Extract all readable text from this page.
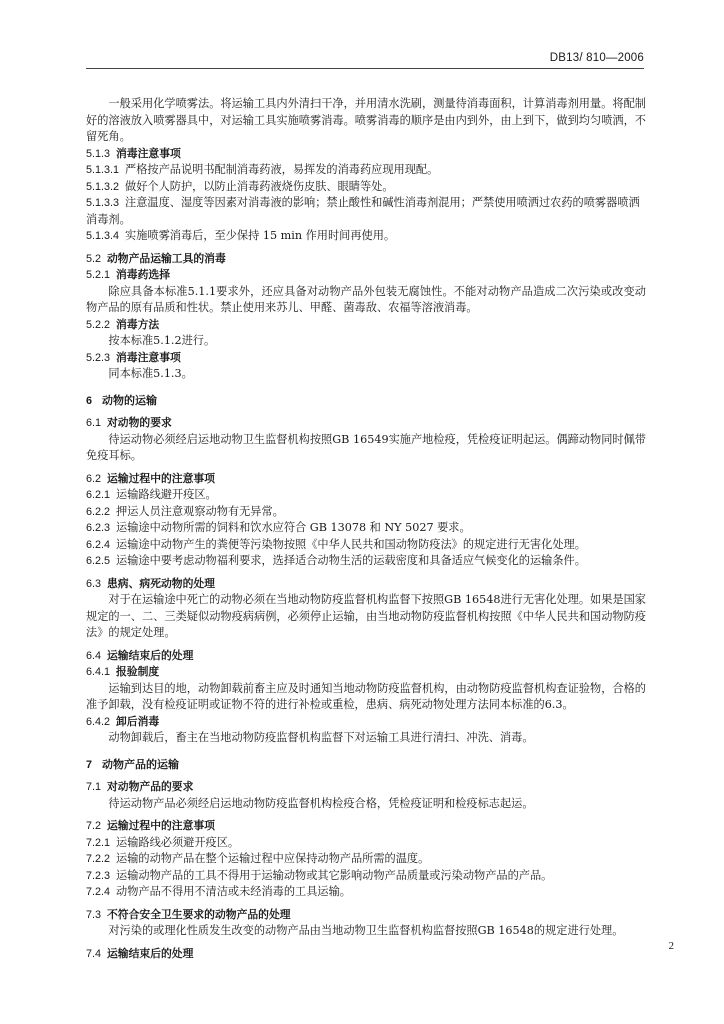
DB13/ 810—2006

一般采用化学喷雾法。将运输工具内外清扫干净，并用清水洗刷，测量待消毒面积，计算消毒剂用量。将配制好的溶液放入喷雾器具中，对运输工具实施喷雾消毒。喷雾消毒的顺序是由内到外，由上到下，做到均匀喷洒，不留死角。

5.1.3 消毒注意事项

5.1.3.1 严格按产品说明书配制消毒药液，易挥发的消毒药应现用现配。

5.1.3.2 做好个人防护，以防止消毒药液烧伤皮肤、眼睛等处。

5.1.3.3 注意温度、湿度等因素对消毒液的影响；禁止酸性和碱性消毒剂混用；严禁使用喷洒过农药的喷雾器喷洒消毒剂。

5.1.3.4 实施喷雾消毒后，至少保持 15 min 作用时间再使用。

5.2 动物产品运输工具的消毒

5.2.1 消毒药选择

除应具备本标准5.1.1要求外，还应具备对动物产品外包装无腐蚀性。不能对动物产品造成二次污染或改变动物产品的原有品质和性状。禁止使用来苏儿、甲醛、菌毒敌、农福等溶液消毒。

5.2.2 消毒方法

按本标准5.1.2进行。

5.2.3 消毒注意事项

同本标准5.1.3。

6 动物的运输

6.1 对动物的要求

待运动物必须经启运地动物卫生监督机构按照GB 16549实施产地检疫，凭检疫证明起运。偶蹄动物同时佩带免疫耳标。

6.2 运输过程中的注意事项

6.2.1 运输路线避开疫区。

6.2.2 押运人员注意观察动物有无异常。

6.2.3 运输途中动物所需的饲料和饮水应符合 GB 13078 和 NY 5027 要求。

6.2.4 运输途中动物产生的粪便等污染物按照《中华人民共和国动物防疫法》的规定进行无害化处理。

6.2.5 运输途中要考虑动物福利要求，选择适合动物生活的运载密度和具备适应气候变化的运输条件。

6.3 患病、病死动物的处理

对于在运输途中死亡的动物必须在当地动物防疫监督机构监督下按照GB 16548进行无害化处理。如果是国家规定的一、二、三类疑似动物疫病病例，必须停止运输，由当地动物防疫监督机构按照《中华人民共和国动物防疫法》的规定处理。

6.4 运输结束后的处理

6.4.1 报验制度

运输到达目的地，动物卸载前畜主应及时通知当地动物防疫监督机构，由动物防疫监督机构查证验物，合格的准予卸载，没有检疫证明或证物不符的进行补检或重检，患病、病死动物处理方法同本标准的6.3。

6.4.2 卸后消毒

动物卸载后，畜主在当地动物防疫监督机构监督下对运输工具进行清扫、冲洗、消毒。

7 动物产品的运输

7.1 对动物产品的要求

待运动物产品必须经启运地动物防疫监督机构检疫合格，凭检疫证明和检疫标志起运。

7.2 运输过程中的注意事项

7.2.1 运输路线必须避开疫区。

7.2.2 运输的动物产品在整个运输过程中应保持动物产品所需的温度。

7.2.3 运输动物产品的工具不得用于运输动物或其它影响动物产品质量或污染动物产品的产品。

7.2.4 动物产品不得用不清洁或未经消毒的工具运输。

7.3 不符合安全卫生要求的动物产品的处理

对污染的或理化性质发生改变的动物产品由当地动物卫生监督机构监督按照GB 16548的规定进行处理。

7.4 运输结束后的处理

2
